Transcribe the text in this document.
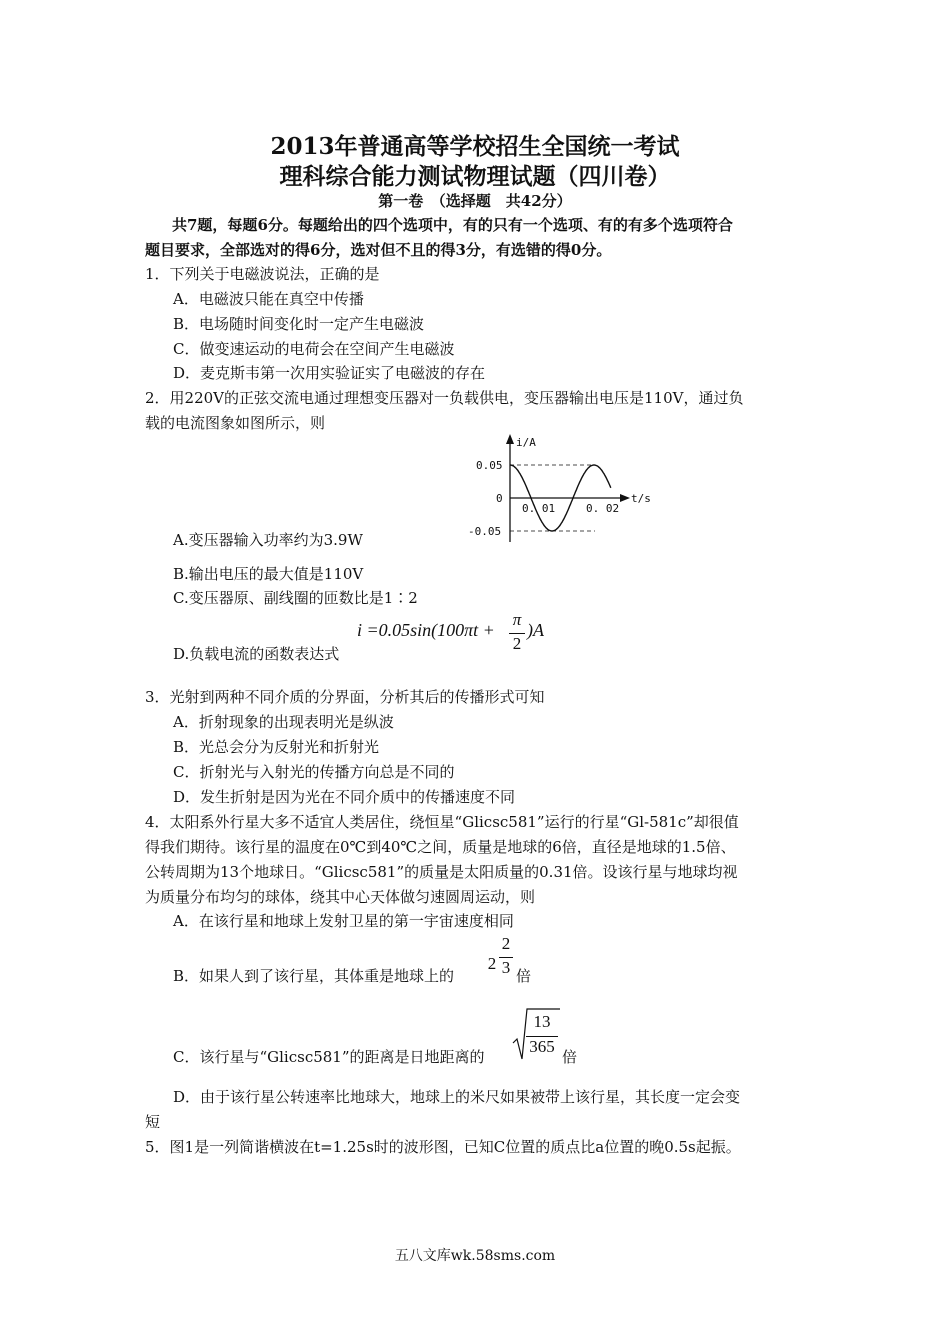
2013年普通高等学校招生全国统一考试
理科综合能力测试物理试题（四川卷）
第一卷　（选择题　共42分）
共7题，每题6分。每题给出的四个选项中，有的只有一个选项、有的有多个选项符合
题目要求，全部选对的得6分，选对但不且的得3分，有选错的得0分。
1．下列关于电磁波说法，正确的是
A．电磁波只能在真空中传播
B．电场随时间变化时一定产生电磁波
C．做变速运动的电荷会在空间产生电磁波
D．麦克斯韦第一次用实验证实了电磁波的存在
2．用220V的正弦交流电通过理想变压器对一负载供电，变压器输出电压是110V，通过负
载的电流图象如图所示，则
i/A
t/s
0
0.05
-0.05
0. 01	0. 02
A.变压器输入功率约为3.9W
B.输出电压的最大值是110V
C.变压器原、副线圈的匝数比是1∶2
D.负载电流的函数表达式
i =0.05sin(100πt +
π
2
)A
3．光射到两种不同介质的分界面，分析其后的传播形式可知
A．折射现象的出现表明光是纵波
B．光总会分为反射光和折射光
C．折射光与入射光的传播方向总是不同的
D．发生折射是因为光在不同介质中的传播速度不同
4．太阳系外行星大多不适宜人类居住，绕恒星“Glicsc581”运行的行星“Gl-581c”却很值
得我们期待。该行星的温度在0℃到40℃之间，质量是地球的6倍，直径是地球的1.5倍、
公转周期为13个地球日。“Glicsc581”的质量是太阳质量的0.31倍。设该行星与地球均视
为质量分布均匀的球体，绕其中心天体做匀速圆周运动，则
A．在该行星和地球上发射卫星的第一宇宙速度相同
B．如果人到了该行星，其体重是地球上的
2
2
3 倍
C．该行星与“Glicsc581”的距离是日地距离的
13
365
倍
D．由于该行星公转速率比地球大，地球上的米尺如果被带上该行星，其长度一定会变
短
5．图1是一列简谐横波在t=1.25s时的波形图，已知C位置的质点比a位置的晚0.5s起振。
五八文库wk.58sms.com
